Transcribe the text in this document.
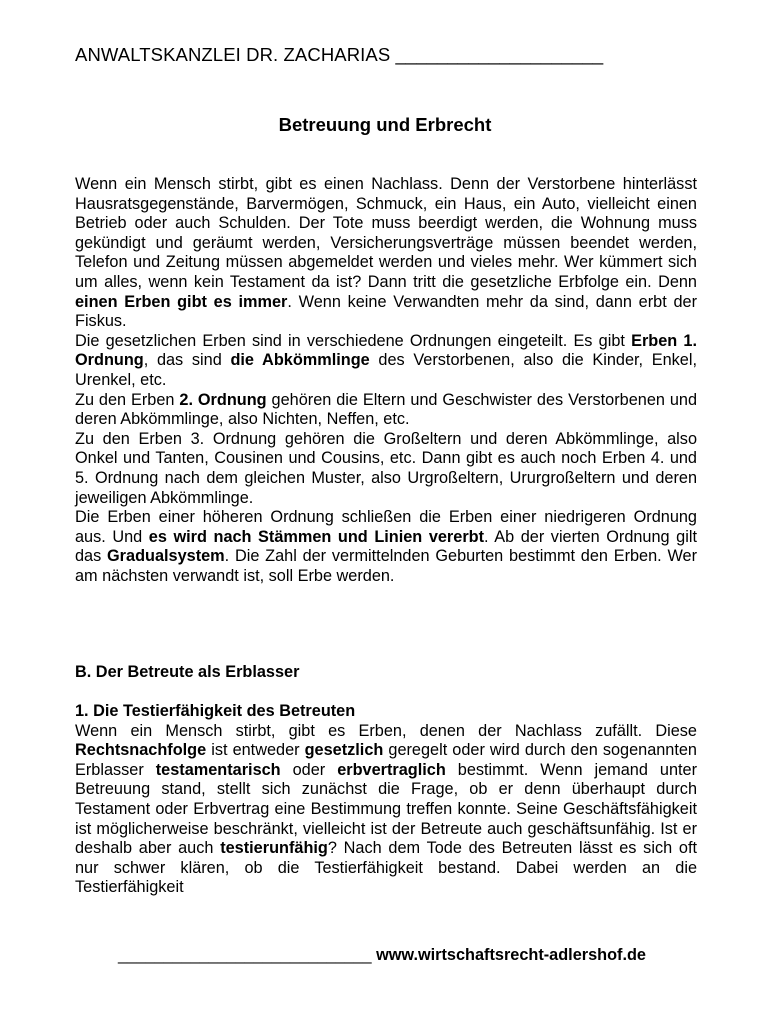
ANWALTSKANZLEI DR. ZACHARIAS ____________________
Betreuung und Erbrecht

Wenn ein Mensch stirbt, gibt es einen Nachlass. Denn der Verstorbene hinterlässt Hausratsgegenstände, Barvermögen, Schmuck, ein Haus, ein Auto, vielleicht einen Betrieb oder auch Schulden. Der Tote muss beerdigt werden, die Wohnung muss gekündigt und geräumt werden, Versicherungsverträge müssen beendet werden, Telefon und Zeitung müssen abgemeldet werden und vieles mehr. Wer kümmert sich um alles, wenn kein Testament da ist? Dann tritt die gesetzliche Erbfolge ein. Denn einen Erben gibt es immer. Wenn keine Verwandten mehr da sind, dann erbt der Fiskus.

Die gesetzlichen Erben sind in verschiedene Ordnungen eingeteilt. Es gibt Erben 1. Ordnung, das sind die Abkömmlinge des Verstorbenen, also die Kinder, Enkel, Urenkel, etc.

Zu den Erben 2. Ordnung gehören die Eltern und Geschwister des Verstorbenen und deren Abkömmlinge, also Nichten, Neffen, etc.

Zu den Erben 3. Ordnung gehören die Großeltern und deren Abkömmlinge, also Onkel und Tanten, Cousinen und Cousins, etc. Dann gibt es auch noch Erben 4. und 5. Ordnung nach dem gleichen Muster, also Urgroßeltern, Ururgroßeltern und deren jeweiligen Abkömmlinge.

Die Erben einer höheren Ordnung schließen die Erben einer niedrigeren Ordnung aus. Und es wird nach Stämmen und Linien vererbt. Ab der vierten Ordnung gilt das Gradualsystem. Die Zahl der vermittelnden Geburten bestimmt den Erben. Wer am nächsten verwandt ist, soll Erbe werden.

B. Der Betreute als Erblasser
1. Die Testierfähigkeit des Betreuten

Wenn ein Mensch stirbt, gibt es Erben, denen der Nachlass zufällt. Diese Rechtsnachfolge ist entweder gesetzlich geregelt oder wird durch den sogenannten Erblasser testamentarisch oder erbvertraglich bestimmt. Wenn jemand unter Betreuung stand, stellt sich zunächst die Frage, ob er denn überhaupt durch Testament oder Erbvertrag eine Bestimmung treffen konnte. Seine Geschäftsfähigkeit ist möglicherweise beschränkt, vielleicht ist der Betreute auch geschäftsunfähig. Ist er deshalb aber auch testierunfähig? Nach dem Tode des Betreuten lässt es sich oft nur schwer klären, ob die Testierfähigkeit bestand. Dabei werden an die Testierfähigkeit

____________________________ www.wirtschaftsrecht-adlershof.de
